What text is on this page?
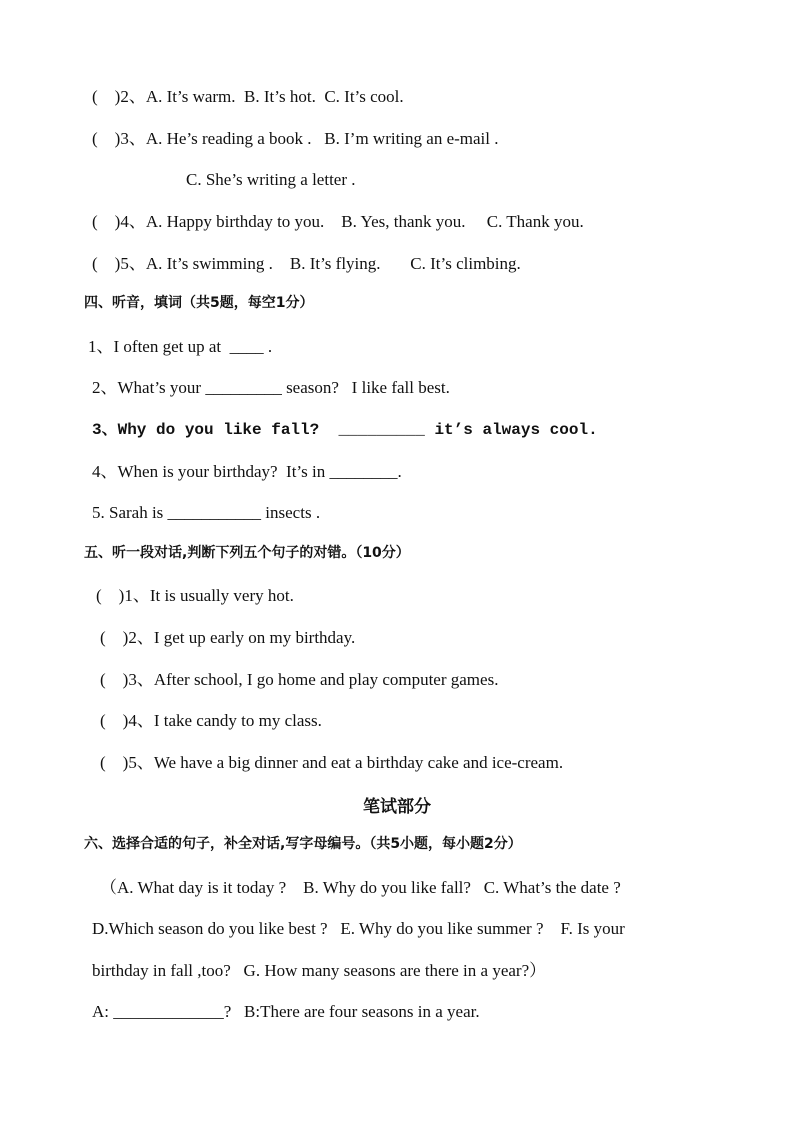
(　)2、A. It’s warm.  B. It’s hot.  C. It’s cool.
(　)3、A. He’s reading a book .   B. I’m writing an e-mail .
C. She’s writing a letter .
(　)4、A. Happy birthday to you.    B. Yes, thank you.     C. Thank you.
(　)5、A. It’s swimming .    B. It’s flying.       C. It’s climbing.
四、听音，填词（共5题，每空1分）
1、I often get up at  ____ .
2、What’s your _________ season?   I like fall best.
3、Why do you like fall?  _________ it’s always cool.
4、When is your birthday?  It’s in ________.
5. Sarah is ___________ insects .
五、听一段对话,判断下列五个句子的对错。（10分）
(　)1、It is usually very hot.
(　)2、I get up early on my birthday.
(　)3、After school, I go home and play computer games.
(　)4、I take candy to my class.
(　)5、We have a big dinner and eat a birthday cake and ice-cream.
笔试部分
六、选择合适的句子，补全对话,写字母编号。（共5小题，每小题2分）
（A. What day is it today ?    B. Why do you like fall?   C. What’s the date ?
D.Which season do you like best ?   E. Why do you like summer ?    F. Is your
birthday in fall ,too?   G. How many seasons are there in a year?）
A: _____________?   B:There are four seasons in a year.
